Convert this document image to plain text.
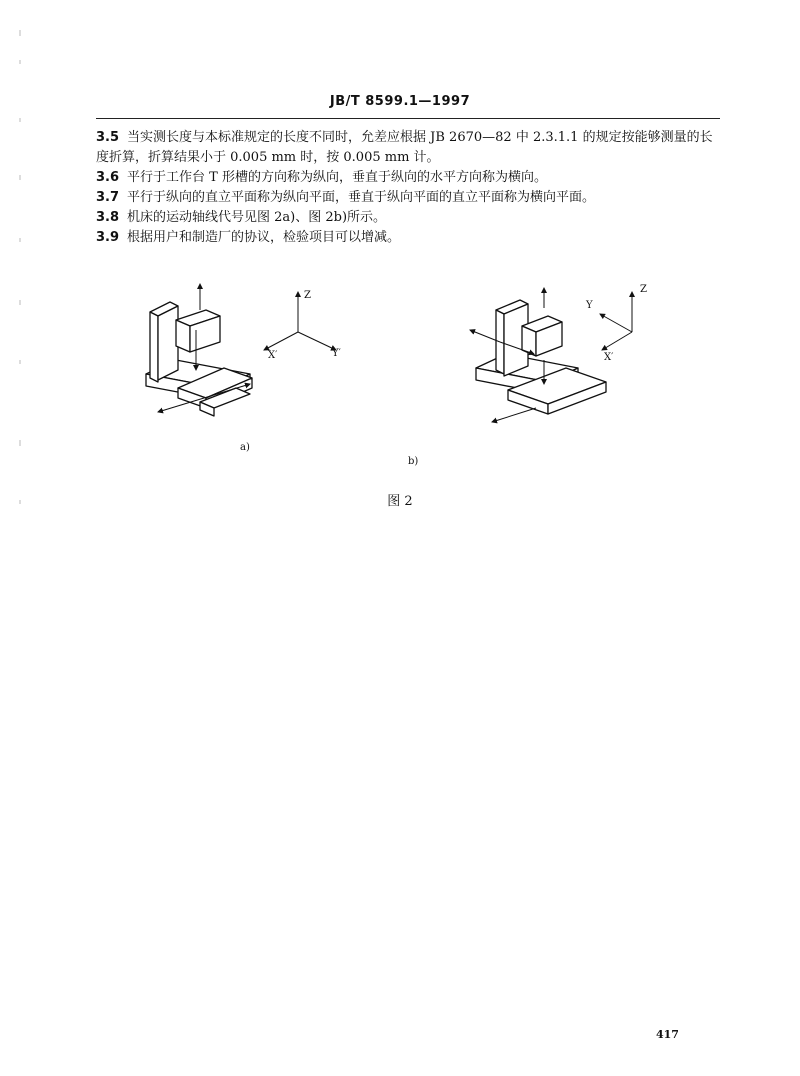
JB/T 8599.1—1997

3.5 当实测长度与本标准规定的长度不同时，允差应根据 JB 2670—82 中 2.3.1.1 的规定按能够测量的长度折算，折算结果小于 0.005 mm 时，按 0.005 mm 计。

3.6 平行于工作台 T 形槽的方向称为纵向，垂直于纵向的水平方向称为横向。

3.7 平行于纵向的直立平面称为纵向平面，垂直于纵向平面的直立平面称为横向平面。

3.8 机床的运动轴线代号见图 2a)、图 2b)所示。

3.9 根据用户和制造厂的协议，检验项目可以增减。

Z
X′	Y′
Z
Y
X′
a)
b)
图 2
417
